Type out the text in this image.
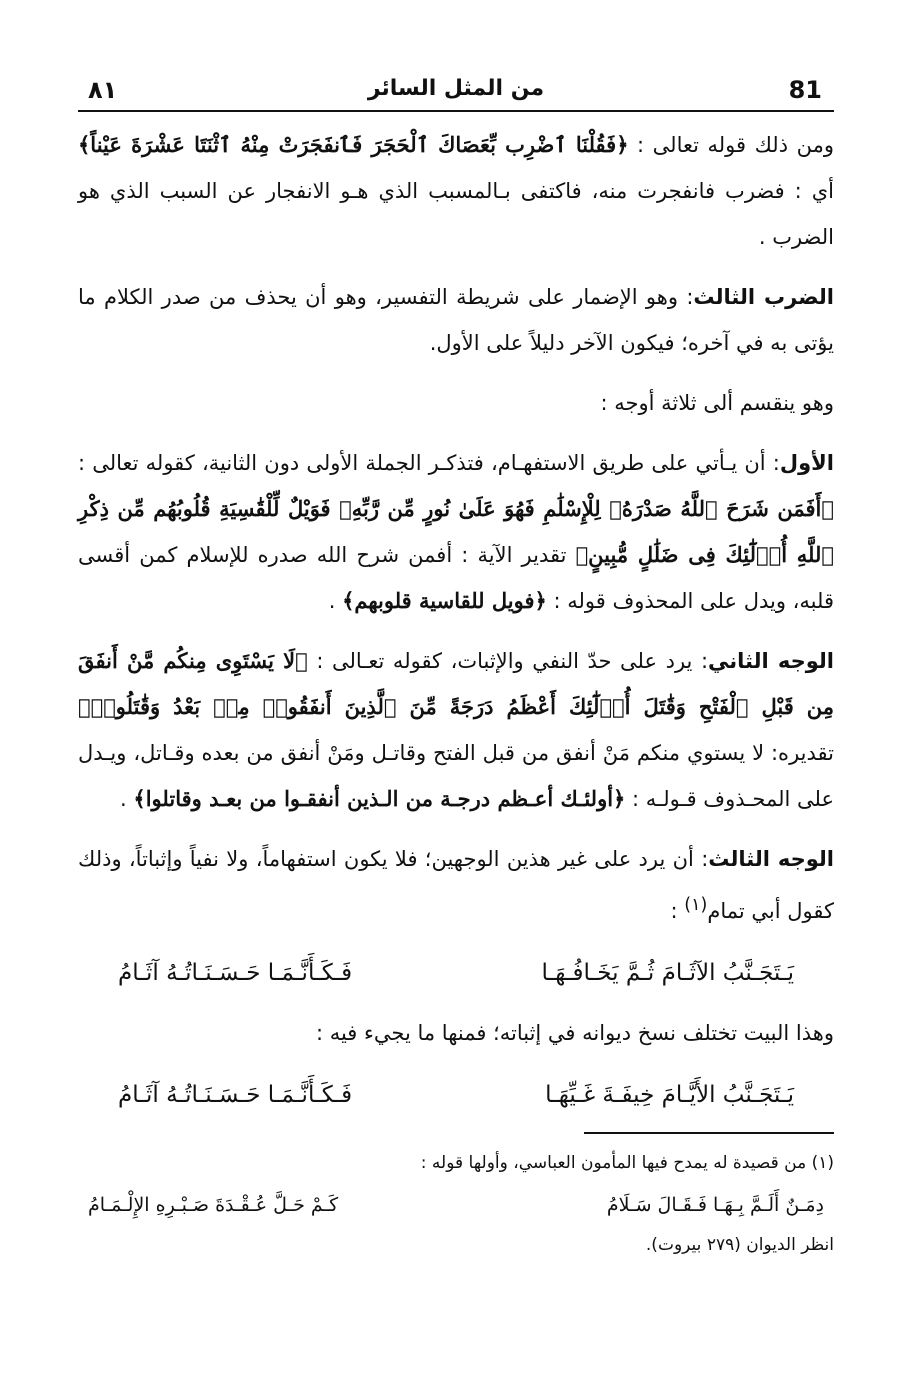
81
من المثل السائر
٨١

ومن ذلك قوله تعالى : ﴿فَقُلْنَا ٱضْرِب بِّعَصَاكَ ٱلْحَجَرَ فَٱنفَجَرَتْ مِنْهُ ٱثْنَتَا عَشْرَةَ عَيْناً﴾ أي : فضرب فانفجرت منه، فاكتفى بـالمسبب الذي هـو الانفجار عن السبب الذي هو الضرب .

الضرب الثالث: وهو الإضمار على شريطة التفسير، وهو أن يحذف من صدر الكلام ما يؤتى به في آخره؛ فيكون الآخر دليلاً على الأول.

وهو ينقسم ألى ثلاثة أوجه :

الأول: أن يـأتي على طريق الاستفهـام، فتذكـر الجملة الأولى دون الثانية، كقوله تعالى : ﴿أَفَمَن شَرَحَ ٱللَّهُ صَدْرَهُۥ لِلْإِسْلَٰمِ فَهُوَ عَلَىٰ نُورٍ مِّن رَّبِّهِۦ فَوَيْلٌ لِّلْقَٰسِيَةِ قُلُوبُهُم مِّن ذِكْرِ ٱللَّهِ أُو۟لَٰٓئِكَ فِى ضَلَٰلٍ مُّبِينٍ﴾ تقدير الآية : أفمن شرح الله صدره للإسلام كمن أقسى قلبه، ويدل على المحذوف قوله : ﴿فويل للقاسية قلوبهم﴾ .

الوجه الثاني: يرد على حدّ النفي والإثبات، كقوله تعـالى : ﴿لَا يَسْتَوِى مِنكُم مَّنْ أَنفَقَ مِن قَبْلِ ٱلْفَتْحِ وَقَٰتَلَ أُو۟لَٰٓئِكَ أَعْظَمُ دَرَجَةً مِّنَ ٱلَّذِينَ أَنفَقُوا۟ مِنۢ بَعْدُ وَقَٰتَلُوا۟﴾ تقديره: لا يستوي منكم مَنْ أنفق من قبل الفتح وقاتـل ومَنْ أنفق من بعده وقـاتل، ويـدل على المحـذوف قـولـه : ﴿أولئـك أعـظم درجـة من الـذين أنفقـوا من بعـد وقاتلوا﴾ .

الوجه الثالث: أن يرد على غير هذين الوجهين؛ فلا يكون استفهاماً، ولا نفياً وإثباتاً، وذلك كقول أبي تمام$^{(١)}$ :

يَـتَجَـنَّبُ الآثَـامَ ثُـمَّ يَخَـافُـهَـا
فَـكَـأَنَّـمَـا حَـسَـنَـاتُـهُ آثَـامُ

وهذا البيت تختلف نسخ ديوانه في إثباته؛ فمنها ما يجيء فيه :

يَـتَجَـنَّبُ الأَيَّـامَ خِيفَـةَ غَـيِّهَـا
فَـكَـأَنَّـمَـا حَـسَـنَـاتُـهُ آثَـامُ

(١) من قصيدة له يمدح فيها المأمون العباسي، وأولها قوله :

دِمَـنٌ أَلَـمَّ بِـهَـا فَـقَـالَ سَـلَامُ
كَـمْ حَـلَّ عُـقْـدَةَ صَـبْـرِهِ الإِلْـمَـامُ

انظر الديوان (٢٧٩ بيروت).
